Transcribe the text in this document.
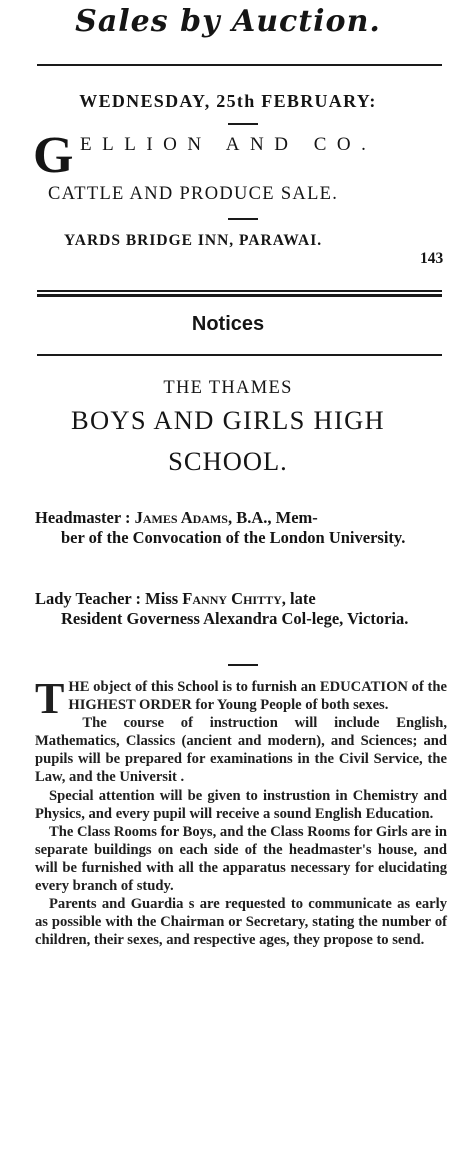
Sales by Auction.
WEDNESDAY, 25th FEBRUARY:
G ELLION AND CO.
CATTLE AND PRODUCE SALE.
YARDS BRIDGE INN, PARAWAI.
143
Notices
THE THAMES
BOYS AND GIRLS HIGH
SCHOOL.
Headmaster : James Adams, B.A., Mem-
ber of the Convocation of the London University.
Lady Teacher : Miss Fanny Chitty, late
Resident Governess Alexandra Col-lege, Victoria.

THE object of this School is to furnish an EDUCATION of the HIGHEST ORDER for Young People of both sexes.

The course of instruction will include English, Mathematics, Classics (ancient and modern), and Sciences; and pupils will be prepared for examinations in the Civil Service, the Law, and the Universit .

Special attention will be given to instrustion in Chemistry and Physics, and every pupil will receive a sound English Education.

The Class Rooms for Boys, and the Class Rooms for Girls are in separate buildings on each side of the headmaster's house, and will be furnished with all the apparatus necessary for elucidating every branch of study.

Parents and Guardia s are requested to communicate as early as possible with the Chairman or Secretary, stating the number of children, their sexes, and respective ages, they propose to send.
